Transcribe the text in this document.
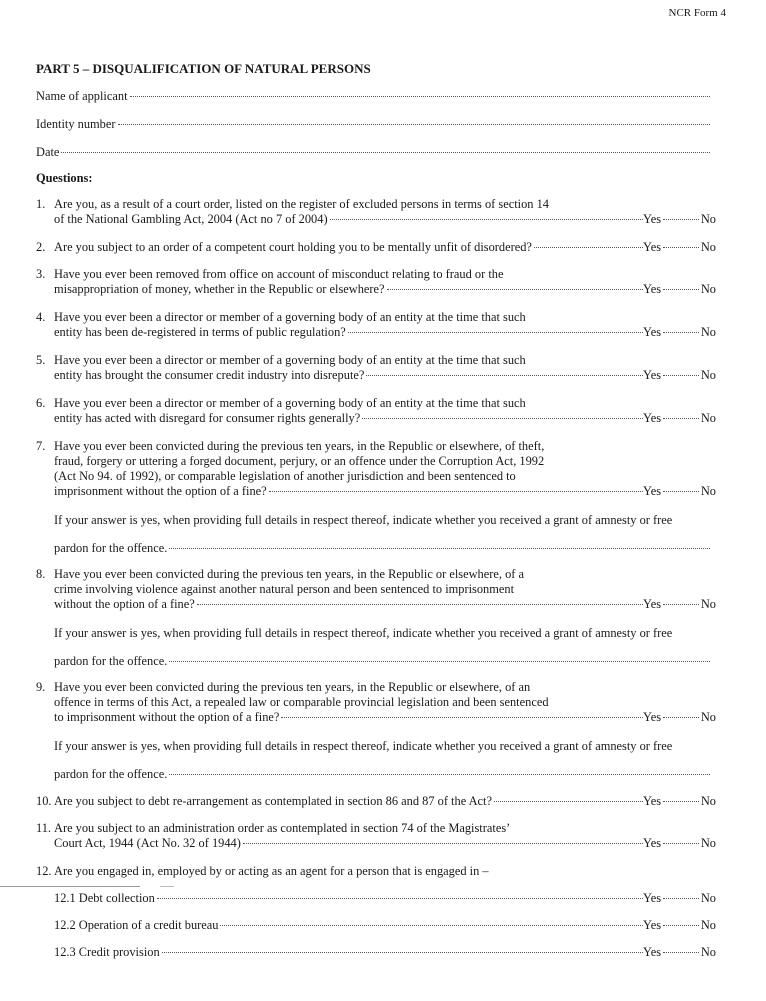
NCR Form 4
PART 5 – DISQUALIFICATION OF NATURAL PERSONS
Name of applicant
Identity number
Date
Questions:
1. Are you, as a result of a court order, listed on the register of excluded persons in terms of section 14
of the National Gambling Act, 2004 (Act no 7 of 2004)	Yes	No
2. Are you subject to an order of a competent court holding you to be mentally unfit of disordered?	Yes	No
3. Have you ever been removed from office on account of misconduct relating to fraud or the
misappropriation of money, whether in the Republic or elsewhere?	Yes	No
4. Have you ever been a director or member of a governing body of an entity at the time that such
entity has been de-registered in terms of public regulation?	Yes	No
5. Have you ever been a director or member of a governing body of an entity at the time that such
entity has brought the consumer credit industry into disrepute?	Yes	No
6. Have you ever been a director or member of a governing body of an entity at the time that such
entity has acted with disregard for consumer rights generally?	Yes	No
7. Have you ever been convicted during the previous ten years, in the Republic or elsewhere, of theft,
fraud, forgery or uttering a forged document, perjury, or an offence under the Corruption Act, 1992
(Act No 94. of 1992), or comparable legislation of another jurisdiction and been sentenced to
imprisonment without the option of a fine?	Yes	No
If your answer is yes, when providing full details in respect thereof, indicate whether you received a grant of amnesty or free
pardon for the offence.
8. Have you ever been convicted during the previous ten years, in the Republic or elsewhere, of a
crime involving violence against another natural person and been sentenced to imprisonment
without the option of a fine?	Yes	No
If your answer is yes, when providing full details in respect thereof, indicate whether you received a grant of amnesty or free
pardon for the offence.
9. Have you ever been convicted during the previous ten years, in the Republic or elsewhere, of an
offence in terms of this Act, a repealed law or comparable provincial legislation and been sentenced
to imprisonment without the option of a fine?	Yes	No
If your answer is yes, when providing full details in respect thereof, indicate whether you received a grant of amnesty or free
pardon for the offence.
10. Are you subject to debt re-arrangement as contemplated in section 86 and 87 of the Act?	Yes	No
11. Are you subject to an administration order as contemplated in section 74 of the Magistrates’
Court Act, 1944 (Act No. 32 of 1944)	Yes	No
12. Are you engaged in, employed by or acting as an agent for a person that is engaged in –
12.1 Debt collection	Yes	No
12.2 Operation of a credit bureau	Yes	No
12.3 Credit provision	Yes	No
